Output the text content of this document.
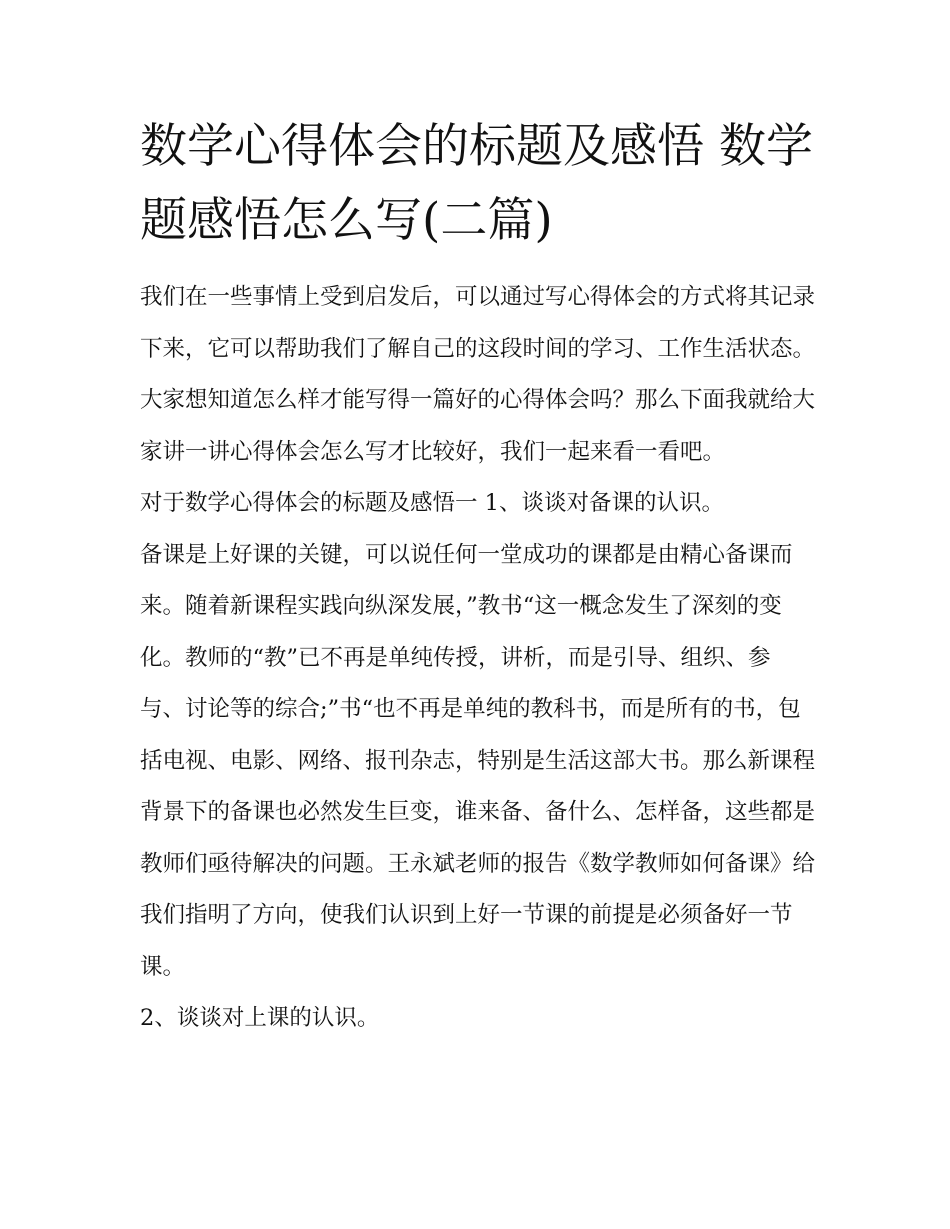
数学心得体会的标题及感悟 数学题感悟怎么写(二篇)

我们在一些事情上受到启发后，可以通过写心得体会的方式将其记录下来，它可以帮助我们了解自己的这段时间的学习、工作生活状态。大家想知道怎么样才能写得一篇好的心得体会吗？那么下面我就给大家讲一讲心得体会怎么写才比较好，我们一起来看一看吧。

对于数学心得体会的标题及感悟一 1、谈谈对备课的认识。

备课是上好课的关键，可以说任何一堂成功的课都是由精心备课而来。随着新课程实践向纵深发展，”教书“这一概念发生了深刻的变化。教师的“教”已不再是单纯传授，讲析，而是引导、组织、参与、讨论等的综合;”书“也不再是单纯的教科书，而是所有的书，包括电视、电影、网络、报刊杂志，特别是生活这部大书。那么新课程背景下的备课也必然发生巨变，谁来备、备什么、怎样备，这些都是教师们亟待解决的问题。王永斌老师的报告《数学教师如何备课》给我们指明了方向，使我们认识到上好一节课的前提是必须备好一节课。

2、谈谈对上课的认识。
